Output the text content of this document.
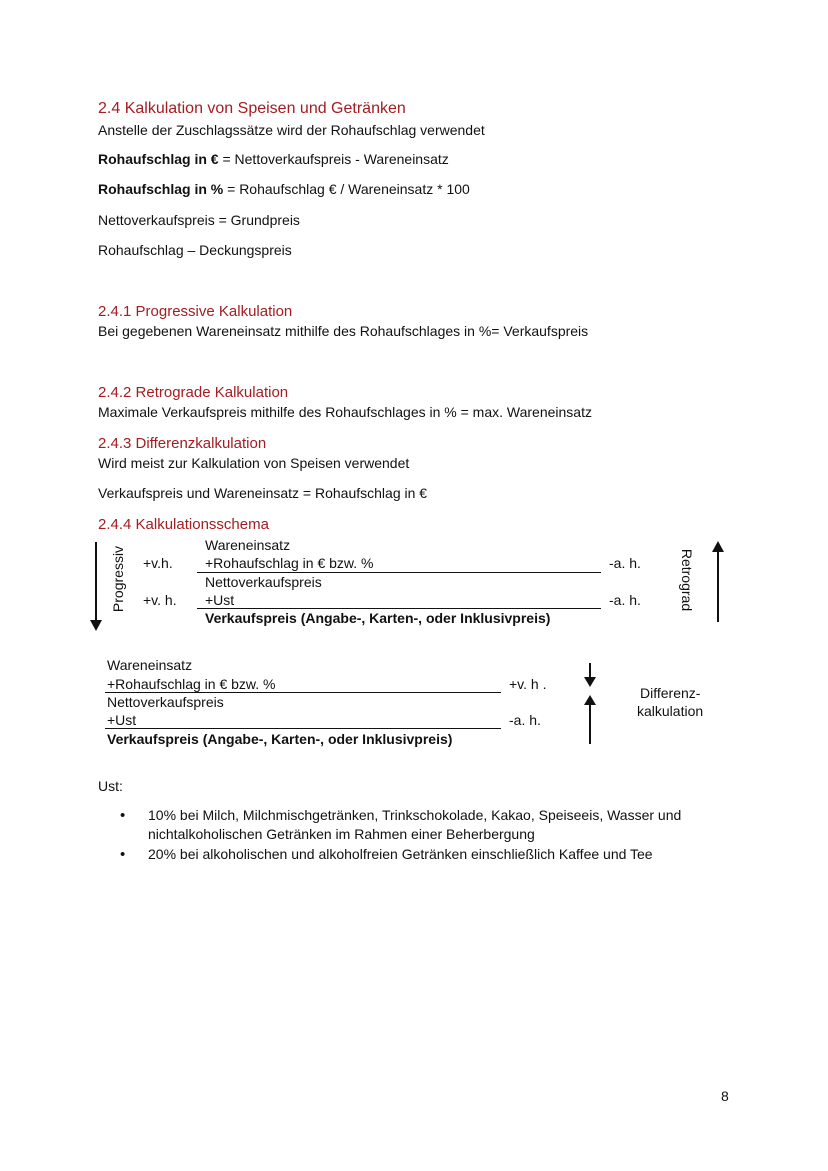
2.4 Kalkulation von Speisen und Getränken
Anstelle der Zuschlagssätze wird der Rohaufschlag verwendet
Rohaufschlag in € = Nettoverkaufspreis - Wareneinsatz
Rohaufschlag in % = Rohaufschlag € / Wareneinsatz * 100
Nettoverkaufspreis = Grundpreis
Rohaufschlag – Deckungspreis
2.4.1 Progressive Kalkulation
Bei gegebenen Wareneinsatz mithilfe des Rohaufschlages in %= Verkaufspreis
2.4.2 Retrograde Kalkulation
Maximale Verkaufspreis mithilfe des Rohaufschlages in % = max. Wareneinsatz
2.4.3 Differenzkalkulation
Wird meist zur Kalkulation von Speisen verwendet
Verkaufspreis und Wareneinsatz = Rohaufschlag in €
2.4.4 Kalkulationsschema
Progressiv +v.h.
+v. h.
Wareneinsatz
+Rohaufschlag in € bzw. %
Nettoverkaufspreis
+Ust
Verkaufspreis (Angabe-, Karten-, oder Inklusivpreis)
-a. h.
-a. h.	Retrograd
Wareneinsatz
+Rohaufschlag in € bzw. %
Nettoverkaufspreis
+Ust
Verkaufspreis (Angabe-, Karten-, oder Inklusivpreis)
+v. h .
-a. h.
Differenz-
kalkulation
Ust:
• 10% bei Milch, Milchmischgetränken, Trinkschokolade, Kakao, Speiseeis, Wasser und nichtalkoholischen Getränken im Rahmen einer Beherbergung
• 20% bei alkoholischen und alkoholfreien Getränken einschließlich Kaffee und Tee
8
